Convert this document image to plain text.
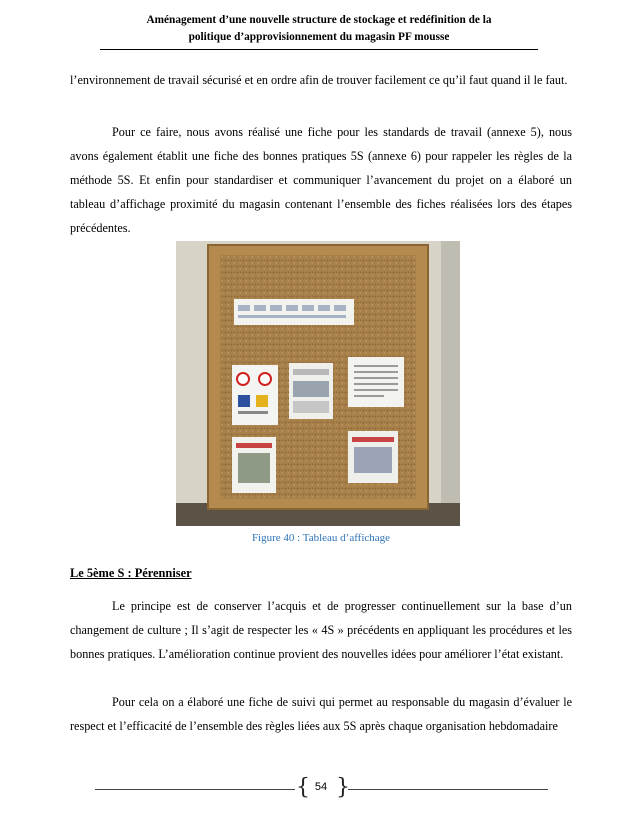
Aménagement d’une nouvelle structure de stockage et redéfinition de la
politique d’approvisionnement du magasin PF mousse

l’environnement de travail sécurisé et en ordre afin de trouver facilement ce qu’il faut quand il le faut.

Pour ce faire, nous avons réalisé une fiche pour les standards de travail (annexe 5), nous avons également établit une fiche des bonnes pratiques 5S (annexe 6) pour rappeler les règles de la méthode 5S. Et enfin pour standardiser et communiquer l’avancement du projet on a élaboré un tableau d’affichage proximité du magasin contenant l’ensemble des fiches réalisées lors des étapes précédentes.

Figure 40 : Tableau d’affichage
Le 5ème S : Pérenniser

Le principe est de conserver l’acquis et de progresser continuellement sur la base d’un changement de culture ; Il s’agit de respecter les « 4S » précédents en appliquant les procédures et les bonnes pratiques. L’amélioration continue provient des nouvelles idées pour améliorer l’état existant.

Pour cela on a élaboré une fiche de suivi qui permet au responsable du magasin d’évaluer le respect et l’efficacité de l’ensemble des règles liées aux 5S après chaque organisation hebdomadaire

{ 54 }
